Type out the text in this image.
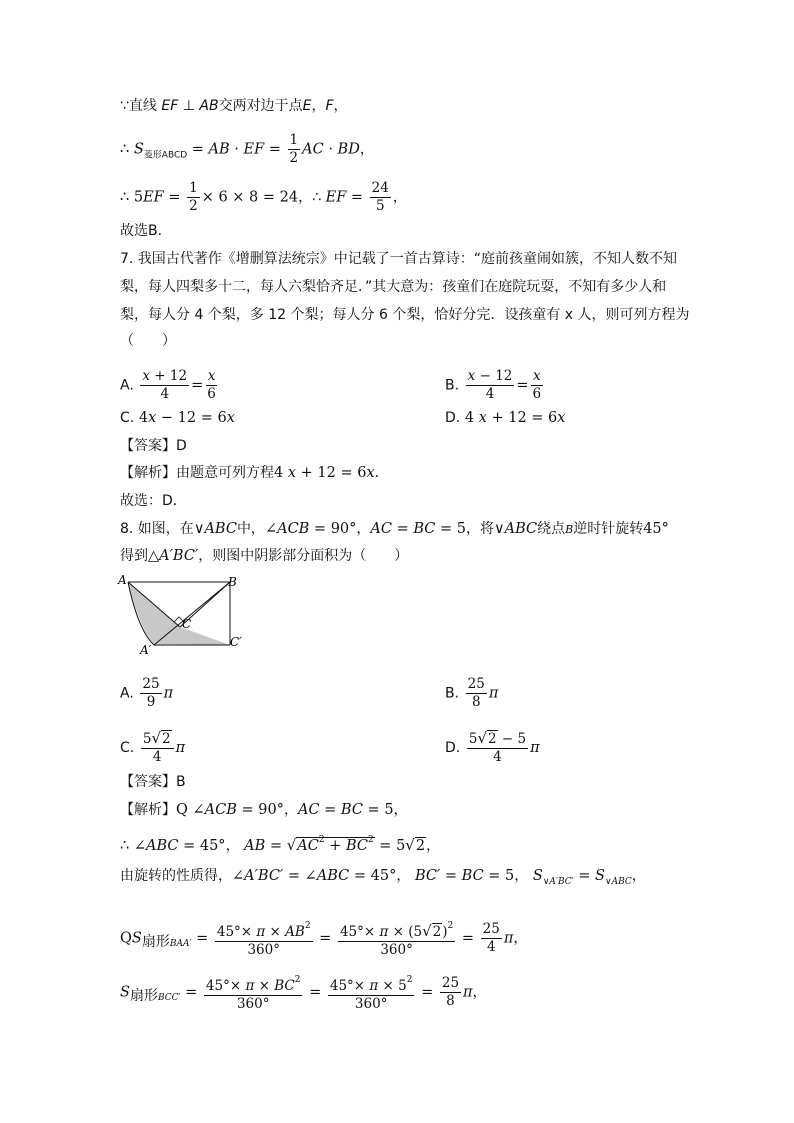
∵直线 EF ⊥ AB交两对边于点E，F，
∴ $S_{菱形ABCD}$ = AB · EF = $\frac{1}{2}$ AC · BD，
∴ $5EF = \frac{1}{2} \times 6 \times 8 = 24$，∴ EF = $\frac{24}{5}$ ，
故选B．
7. 我国古代著作《增删算法统宗》中记载了一首古算诗：“庭前孩童闹如簇，不知人数不知
梨，每人四梨多十二，每人六梨恰齐足．”其大意为：孩童们在庭院玩耍，不知有多少人和
梨，每人分 4 个梨，多 12 个梨；每人分 6 个梨，恰好分完．设孩童有 x 人，则可列方程为
（　　）
A. $\frac{x + 12}{4} = \frac{x}{6}$	B. $\frac{x - 12}{4} = \frac{x}{6}$
C. 4x − 12 = 6x	D. 4 x + 12 = 6x
【答案】D
【解析】由题意可列方程4 x + 12 = 6x．
故选：D．
8. 如图，在∨ABC中，∠ACB = 90°，AC = BC = 5，将∨ABC绕点B逆时针旋转45°
得到△A′BC′，则图中阴影部分面积为（　　）
A	B
C
A′
C′
A. $\frac{25}{9}$ π	B. $\frac{25}{8}$ π
C. $\frac{5√2}{4}$ π	D. $\frac{5√2 - 5}{4}$ π
【答案】B
【解析】Q ∠ACB = 90°，AC = BC = 5，
∴ ∠ABC = 45°， AB = $√AC^2 + BC^2 = 5√2$，
由旋转的性质得，∠A′BC′ = ∠ABC = 45°， BC′ = BC = 5， $S_{\vee A'BC'} = S_{\vee ABC}$，
$QS_{扇形BAA'} = \frac{45^\circ\times \pi \times AB^2}{360^\circ} = \frac{45^\circ\times \pi \times (5√2)^2}{360^\circ} = \frac{25}{4}$ π，
$S_{扇形BCC'} = \frac{45^\circ\times \pi \times BC^2}{360^\circ} = \frac{45^\circ\times \pi \times 5^2}{360^\circ} = \frac{25}{8}$ π，
